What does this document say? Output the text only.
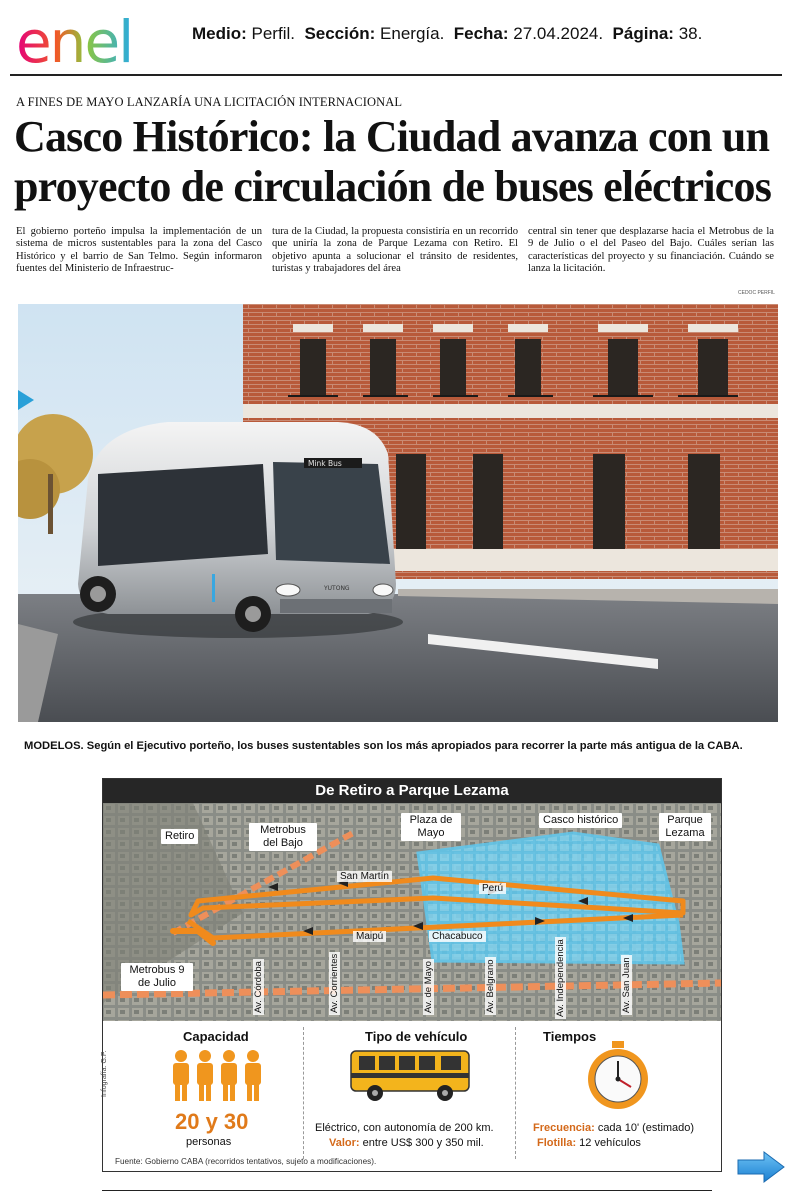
enel	Medio: Perfil. Sección: Energía. Fecha: 27.04.2024. Página: 38.
A FINES DE MAYO LANZARÍA UNA LICITACIÓN INTERNACIONAL
Casco Histórico: la Ciudad avanza con un proyecto de circulación de buses eléctricos
El gobierno porteño impulsa la implementación de un sistema de micros sustentables para la zona del Casco Histórico y el barrio de San Telmo. Según informaron fuentes del Ministerio de Infraestruc-
tura de la Ciudad, la propuesta consistiría en un recorrido que uniría la zona de Parque Lezama con Retiro. El objetivo apunta a solucionar el tránsito de residentes, turistas y trabajadores del área
central sin tener que desplazarse hacia el Metrobus de la 9 de Julio o el del Paseo del Bajo. Cuáles serían las características del proyecto y su financiación. Cuándo se lanza la licitación.
CEDOC PERFIL
Mink Bus
YUTONG
MODELOS. Según el Ejecutivo porteño, los buses sustentables son los más apropiados para recorrer la parte más antigua de la CABA.
De Retiro a Parque Lezama
Retiro	Metrobus del Bajo
Plaza de Mayo
Casco histórico	Parque Lezama
Metrobus 9 de Julio
San Martín
Perú
Maipú	Chacabuco
Av. Córdoba	Av. Corrientes	Av. de Mayo	Av. Belgrano	Av. Independencia	Av. San Juan
Capacidad
20 y 30
personas
Tipo de vehículo
Eléctrico, con autonomía de 200 km.
Valor: entre US$ 300 y 350 mil.
Tiempos
Frecuencia: cada 10' (estimado)
Flotilla: 12 vehículos
Fuente: Gobierno CABA (recorridos tentativos, sujeto a modificaciones).
Infografía: G.P.
